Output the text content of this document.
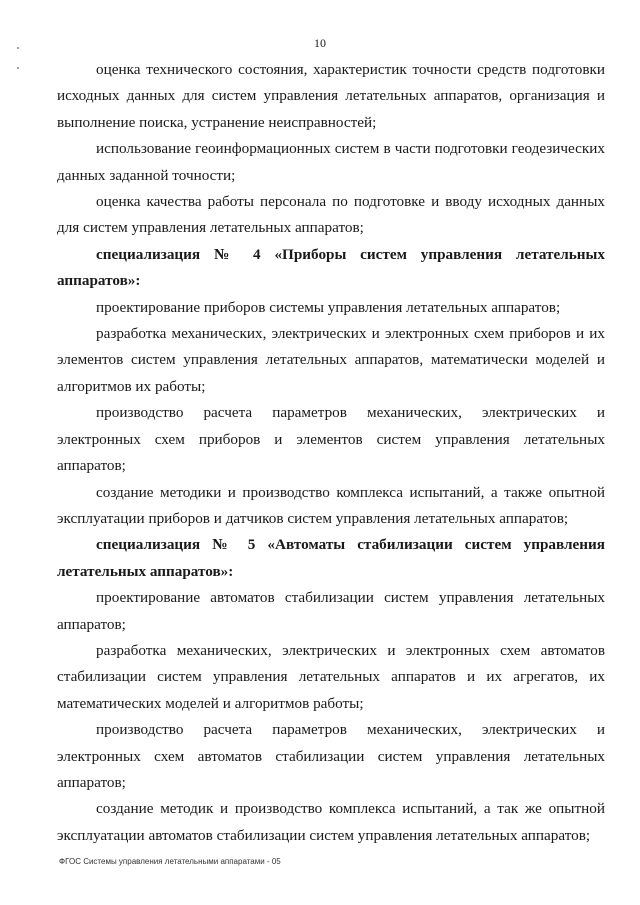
10

оценка технического состояния, характеристик точности средств подготовки исходных данных для систем управления летательных аппаратов, организация и выполнение поиска, устранение неисправностей;

использование геоинформационных систем в части подготовки геодезических данных заданной точности;

оценка качества работы персонала по подготовке и вводу исходных данных для систем управления летательных аппаратов;

специализация № 4 «Приборы систем управления летательных аппаратов»:

проектирование приборов системы управления летательных аппаратов;

разработка механических, электрических и электронных схем приборов и их элементов систем управления летательных аппаратов, математически моделей и алгоритмов их работы;

производство расчета параметров механических, электрических и электронных схем приборов и элементов систем управления летательных аппаратов;

создание методики и производство комплекса испытаний, а также опытной эксплуатации приборов и датчиков систем управления летательных аппаратов;

специализация № 5 «Автоматы стабилизации систем управления летательных аппаратов»:

проектирование автоматов стабилизации систем управления летательных аппаратов;

разработка механических, электрических и электронных схем автоматов стабилизации систем управления летательных аппаратов и их агрегатов, их математических моделей и алгоритмов работы;

производство расчета параметров механических, электрических и электронных схем автоматов стабилизации систем управления летательных аппаратов;

создание методик и производство комплекса испытаний, а так же опытной эксплуатации автоматов стабилизации систем управления летательных аппаратов;

ФГОС Системы управления летательными аппаратами - 05
